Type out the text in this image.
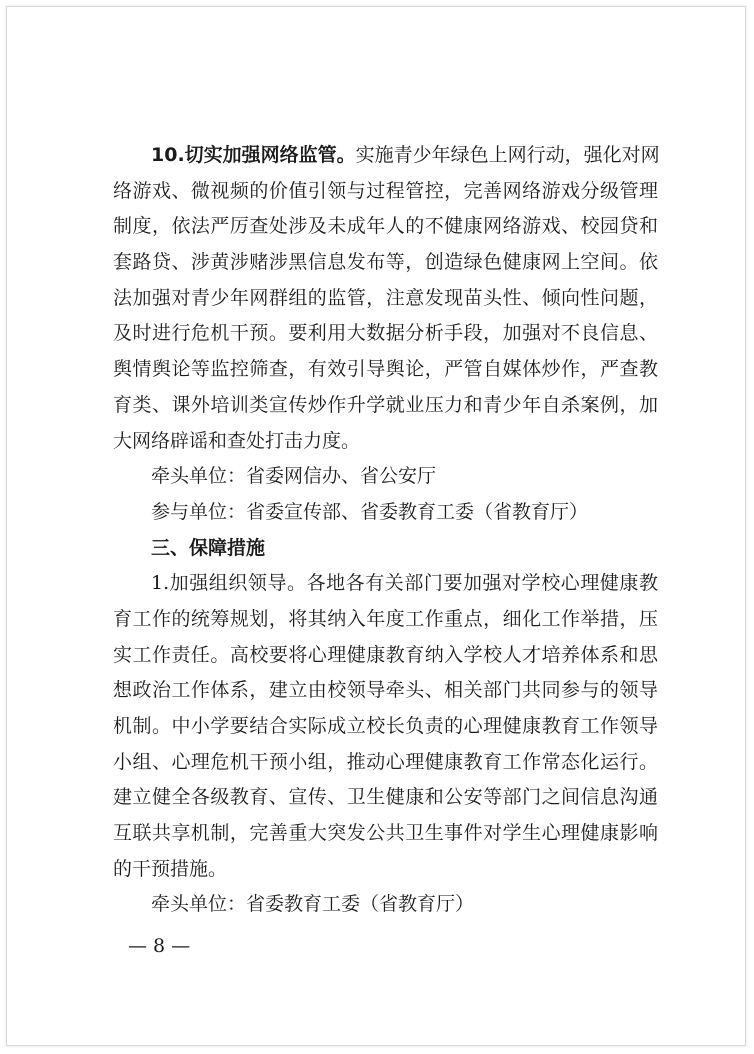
10.切实加强网络监管。实施青少年绿色上网行动，强化对网
络游戏、微视频的价值引领与过程管控，完善网络游戏分级管理
制度，依法严厉查处涉及未成年人的不健康网络游戏、校园贷和
套路贷、涉黄涉赌涉黑信息发布等，创造绿色健康网上空间。依
法加强对青少年网群组的监管，注意发现苗头性、倾向性问题，
及时进行危机干预。要利用大数据分析手段，加强对不良信息、
舆情舆论等监控筛查，有效引导舆论，严管自媒体炒作，严查教
育类、课外培训类宣传炒作升学就业压力和青少年自杀案例，加
大网络辟谣和查处打击力度。

牵头单位：省委网信办、省公安厅

参与单位：省委宣传部、省委教育工委（省教育厅）

三、保障措施

1.加强组织领导。各地各有关部门要加强对学校心理健康教
育工作的统筹规划，将其纳入年度工作重点，细化工作举措，压
实工作责任。高校要将心理健康教育纳入学校人才培养体系和思
想政治工作体系，建立由校领导牵头、相关部门共同参与的领导
机制。中小学要结合实际成立校长负责的心理健康教育工作领导
小组、心理危机干预小组，推动心理健康教育工作常态化运行。
建立健全各级教育、宣传、卫生健康和公安等部门之间信息沟通
互联共享机制，完善重大突发公共卫生事件对学生心理健康影响
的干预措施。

牵头单位：省委教育工委（省教育厅）

— 8 —
